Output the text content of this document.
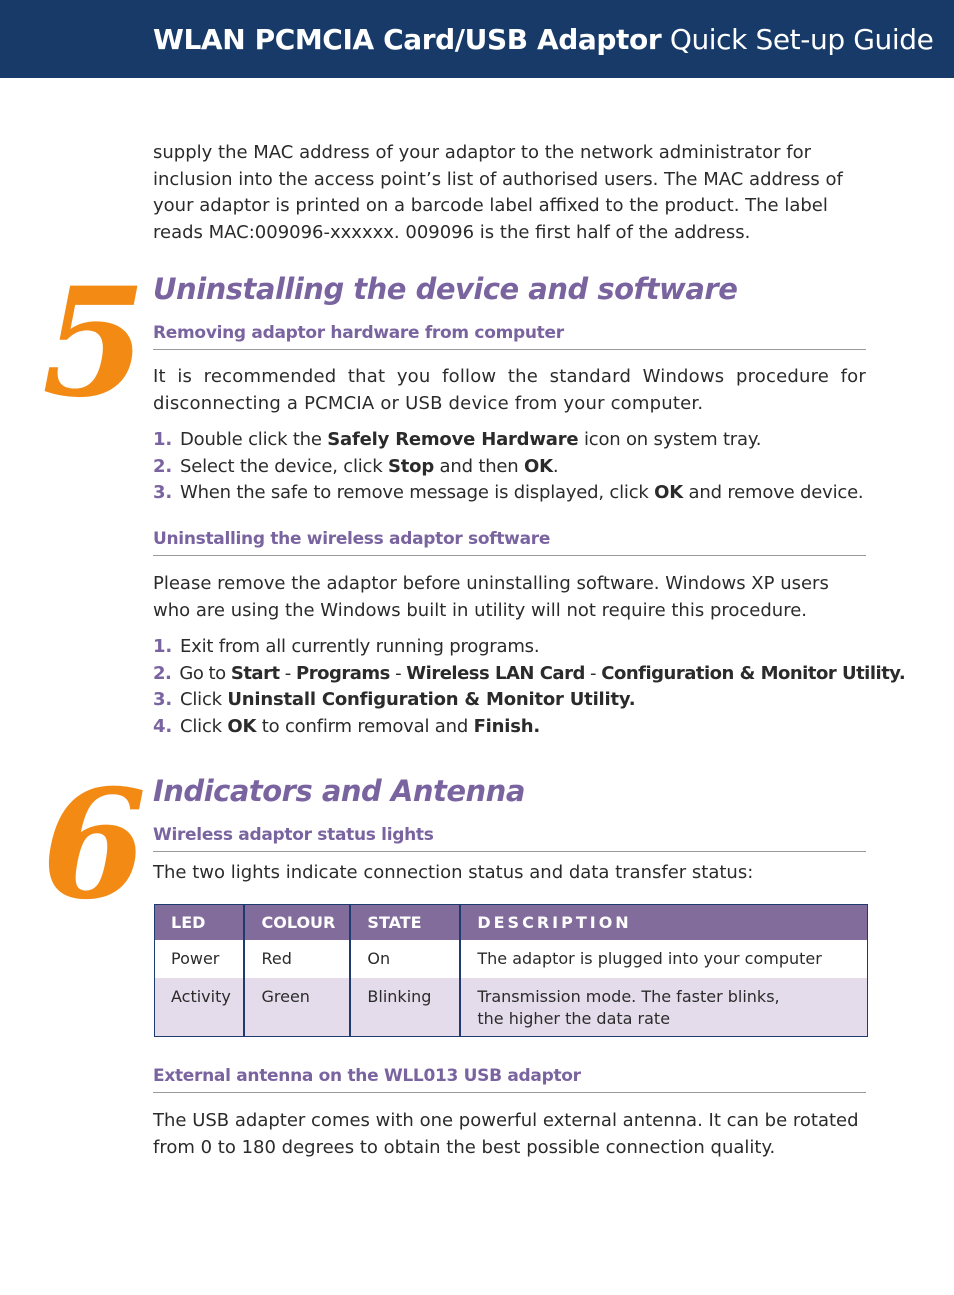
WLAN PCMCIA Card/USB Adaptor Quick Set-up Guide

supply the MAC address of your adaptor to the network administrator for inclusion into the access point’s list of authorised users. The MAC address of your adaptor is printed on a barcode label affixed to the product. The label reads MAC:009096-xxxxxx. 009096 is the first half of the address.

5 Uninstalling the device and software
Removing adaptor hardware from computer

It is recommended that you follow the standard Windows procedure for disconnecting a PCMCIA or USB device from your computer.

1. Double click the Safely Remove Hardware icon on system tray.
2. Select the device, click Stop and then OK.
3. When the safe to remove message is displayed, click OK and remove device.
Uninstalling the wireless adaptor software

Please remove the adaptor before uninstalling software. Windows XP users who are using the Windows built in utility will not require this procedure.

1. Exit from all currently running programs.
2. Go to Start - Programs - Wireless LAN Card - Configuration & Monitor Utility.
3. Click Uninstall Configuration & Monitor Utility.
4. Click OK to confirm removal and Finish.
6 Indicators and Antenna
Wireless adaptor status lights

The two lights indicate connection status and data transfer status:

LED	COLOUR	STATE	DESCRIPTION
Power	Red	On	The adaptor is plugged into your computer
Activity	Green	Blinking	Transmission mode. The faster blinks,
the higher the data rate
External antenna on the WLL013 USB adaptor

The USB adapter comes with one powerful external antenna. It can be rotated from 0 to 180 degrees to obtain the best possible connection quality.
